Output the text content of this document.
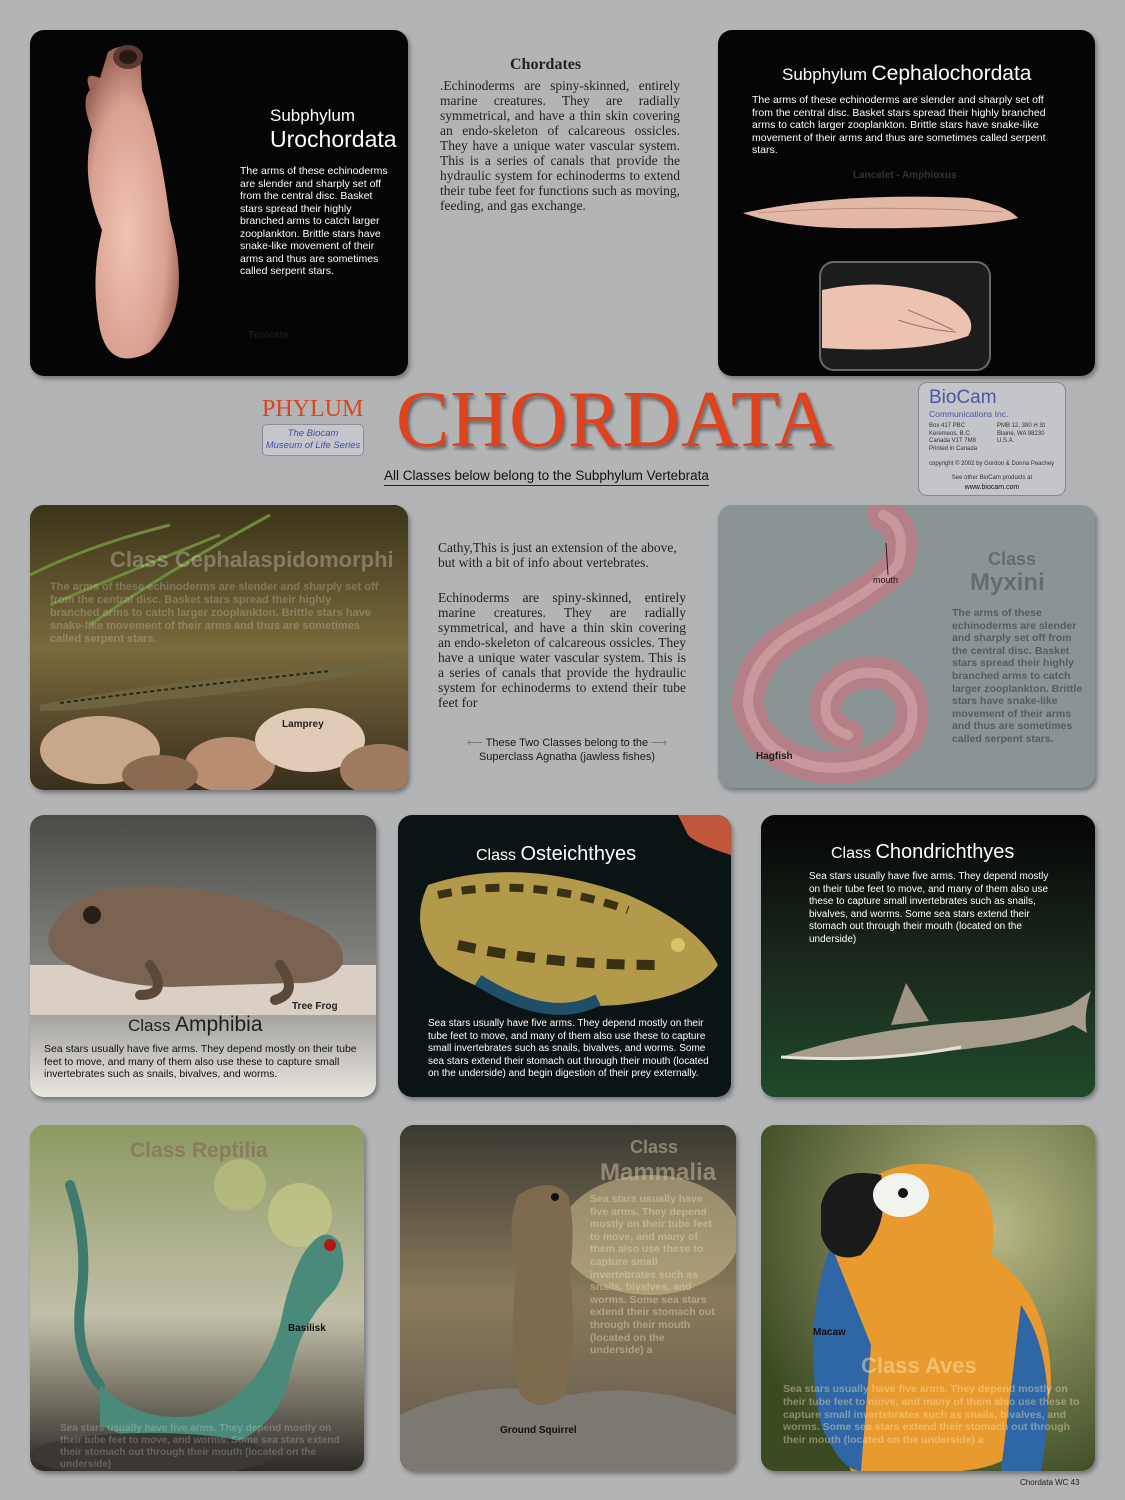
Subphylum
Urochordata
The arms of these echinoderms are slender and sharply set off from the central disc. Basket stars spread their highly branched arms to catch larger zooplankton. Brittle stars have snake-like movement of their arms and thus are sometimes called serpent stars.
Tunicate
Chordates
.Echinoderms are spiny-skinned, entirely marine creatures. They are radially symmetrical, and have a thin skin covering an endo-skeleton of calcareous ossicles. They have a unique water vascular system. This is a series of canals that provide the hydraulic system for echinoderms to extend their tube feet for functions such as moving, feeding, and gas exchange.
Subphylum Cephalochordata
The arms of these echinoderms are slender and sharply set off from the central disc. Basket stars spread their highly branched arms to catch larger zooplankton. Brittle stars have snake-like movement of their arms and thus are sometimes called serpent stars.
Lancelet - Amphioxus
PHYLUM
The Biocam
Museum of Life Series CHORDATA
All Classes below belong to the Subphylum Vertebrata
BioCam
Communications Inc.
Box 417 PBC
Keremeos, B.C.
Canada V1T 7M8
Printed in Canada
PMB 12, 380 H St
Blaine, WA 98230
U.S.A.
copyright © 2002 by Gordon & Donna Peachey
See other BioCam products at
www.biocam.com
Class Cephalaspidomorphi
The arms of these echinoderms are slender and sharply set off from the central disc. Basket stars spread their highly branched arms to catch larger zooplankton. Brittle stars have snake-like movement of their arms and thus are sometimes called serpent stars.
Lamprey
Cathy,This is just an extension of the above, but with a bit of info about vertebrates.
Echinoderms are spiny-skinned, entirely marine creatures. They are radially symmetrical, and have a thin skin covering an endo-skeleton of calcareous ossicles. They have a unique water vascular system. This is a series of canals that provide the hydraulic system for echinoderms to extend their tube feet for
⟵ These Two Classes belong to the ⟶
Superclass Agnatha (jawless fishes)
mouth
Class
Myxini
The arms of these echinoderms are slender and sharply set off from the central disc. Basket stars spread their highly branched arms to catch larger zooplankton. Brittle stars have snake-like movement of their arms and thus are sometimes called serpent stars.
Hagfish
Tree Frog
Class Amphibia
Sea stars usually have five arms. They depend mostly on their tube feet to move, and many of them also use these to capture small invertebrates such as snails, bivalves, and worms.
Class Osteichthyes
Sea stars usually have five arms. They depend mostly on their tube feet to move, and many of them also use these to capture small invertebrates such as snails, bivalves, and worms. Some sea stars extend their stomach out through their mouth (located on the underside) and begin digestion of their prey externally.
Class Chondrichthyes
Sea stars usually have five arms. They depend mostly on their tube feet to move, and many of them also use these to capture small invertebrates such as snails, bivalves, and worms. Some sea stars extend their stomach out through their mouth (located on the underside)
Class Reptilia
Basilisk
Sea stars usually have five arms. They depend mostly on their tube feet to move, and worms. Some sea stars extend their stomach out through their mouth (located on the underside)
Class
Mammalia
Sea stars usually have five arms. They depend mostly on their tube feet to move, and many of them also use these to capture small invertebrates such as snails, bivalves, and worms. Some sea stars extend their stomach out through their mouth (located on the underside) a
Ground Squirrel
Macaw
Class Aves
Sea stars usually have five arms. They depend mostly on their tube feet to move, and many of them also use these to capture small invertebrates such as snails, bivalves, and worms. Some sea stars extend their stomach out through their mouth (located on the underside) a
Chordata WC 43
